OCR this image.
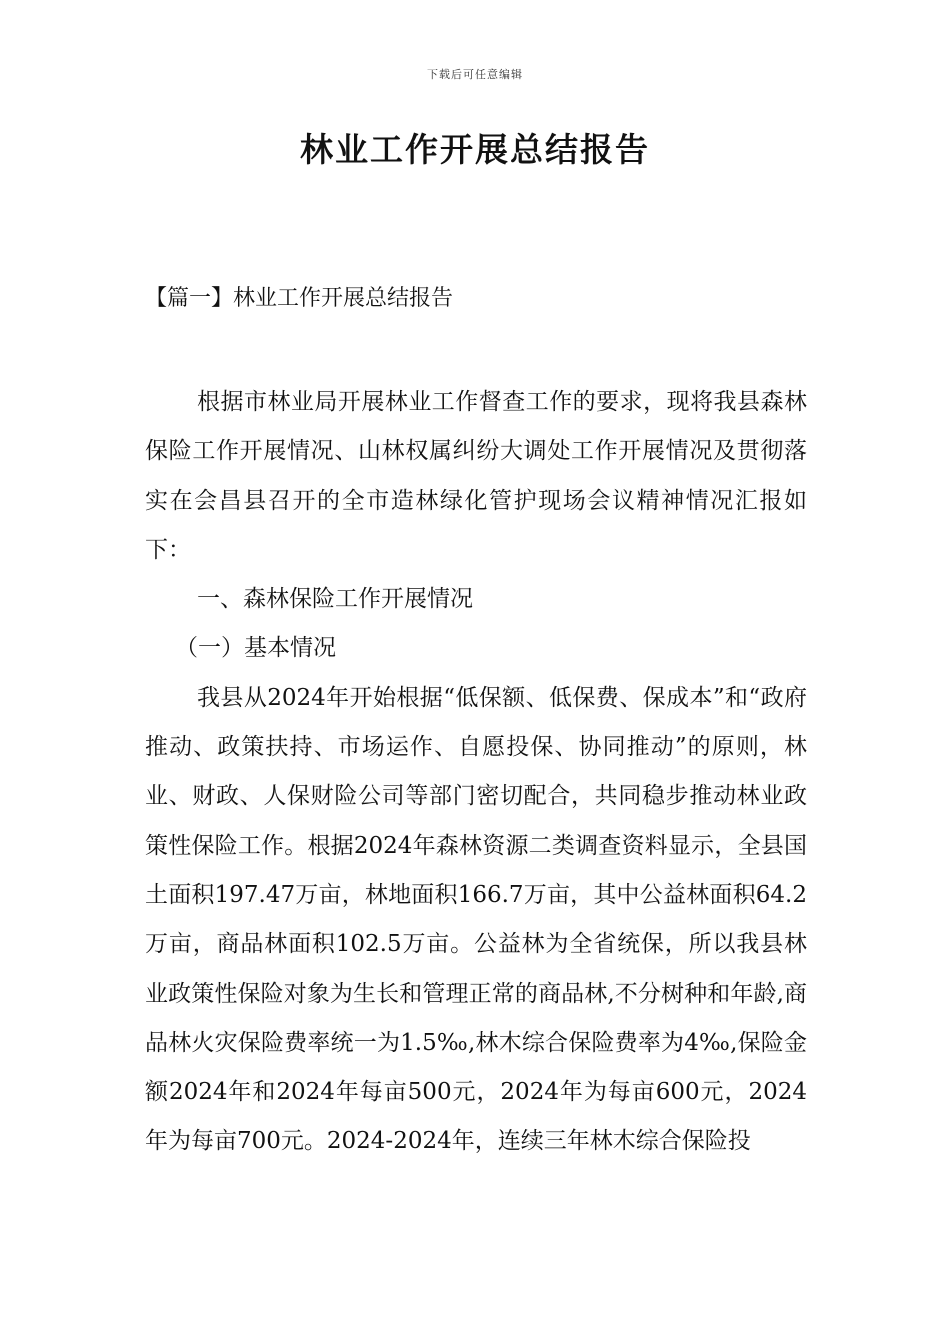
下载后可任意编辑
林业工作开展总结报告
【篇一】林业工作开展总结报告

根据市林业局开展林业工作督查工作的要求，现将我县森林保险工作开展情况、山林权属纠纷大调处工作开展情况及贯彻落实在会昌县召开的全市造林绿化管护现场会议精神情况汇报如下：

一、森林保险工作开展情况

（一）基本情况

我县从2024年开始根据“低保额、低保费、保成本”和“政府推动、政策扶持、市场运作、自愿投保、协同推动”的原则，林业、财政、人保财险公司等部门密切配合，共同稳步推动林业政策性保险工作。根据2024年森林资源二类调查资料显示，全县国土面积197.47万亩，林地面积166.7万亩，其中公益林面积64.2万亩，商品林面积102.5万亩。公益林为全省统保，所以我县林业政策性保险对象为生长和管理正常的商品林,不分树种和年龄,商品林火灾保险费率统一为1.5‰,林木综合保险费率为4‰,保险金额2024年和2024年每亩500元，2024年为每亩600元，2024年为每亩700元。2024-2024年，连续三年林木综合保险投
